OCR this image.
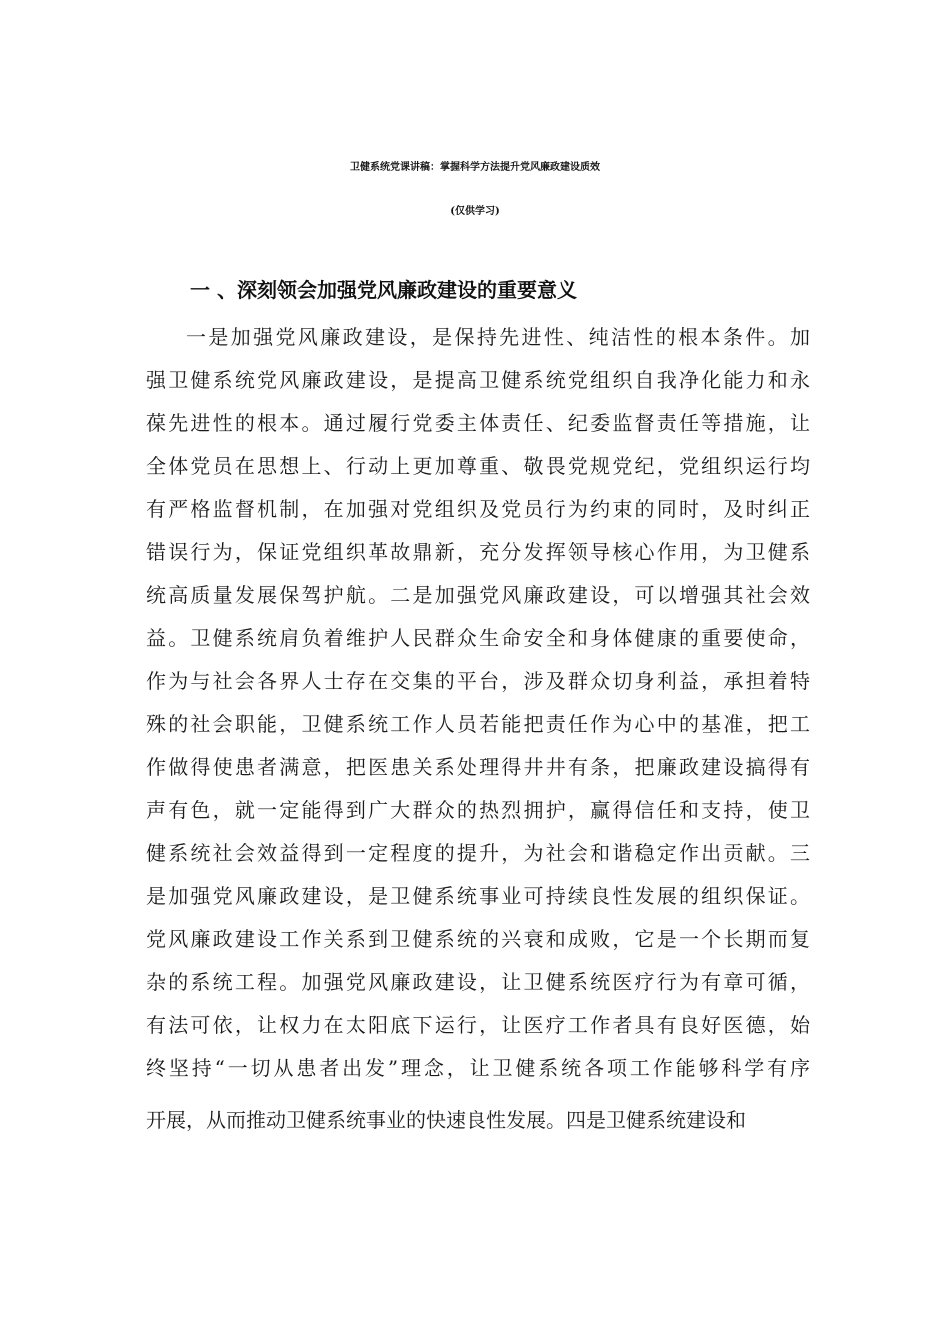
卫健系统党课讲稿：掌握科学方法提升党风廉政建设质效
(仅供学习)
一 、深刻领会加强党风廉政建设的重要意义
一是加强党风廉政建设，是保持先进性、纯洁性的根本条件。加
强卫健系统党风廉政建设，是提高卫健系统党组织自我净化能力和永
葆先进性的根本。通过履行党委主体责任、纪委监督责任等措施，让
全体党员在思想上、行动上更加尊重、敬畏党规党纪，党组织运行均
有严格监督机制，在加强对党组织及党员行为约束的同时，及时纠正
错误行为，保证党组织革故鼎新，充分发挥领导核心作用，为卫健系
统高质量发展保驾护航。二是加强党风廉政建设，可以增强其社会效
益。卫健系统肩负着维护人民群众生命安全和身体健康的重要使命，
作为与社会各界人士存在交集的平台，涉及群众切身利益，承担着特
殊的社会职能，卫健系统工作人员若能把责任作为心中的基准，把工
作做得使患者满意，把医患关系处理得井井有条，把廉政建设搞得有
声有色，就一定能得到广大群众的热烈拥护，赢得信任和支持，使卫
健系统社会效益得到一定程度的提升，为社会和谐稳定作出贡献。三
是加强党风廉政建设，是卫健系统事业可持续良性发展的组织保证。
党风廉政建设工作关系到卫健系统的兴衰和成败，它是一个长期而复
杂的系统工程。加强党风廉政建设，让卫健系统医疗行为有章可循，
有法可依，让权力在太阳底下运行，让医疗工作者具有良好医德，始
终坚持“一切从患者出发”理念，让卫健系统各项工作能够科学有序
开展，从而推动卫健系统事业的快速良性发展。四是卫健系统建设和
